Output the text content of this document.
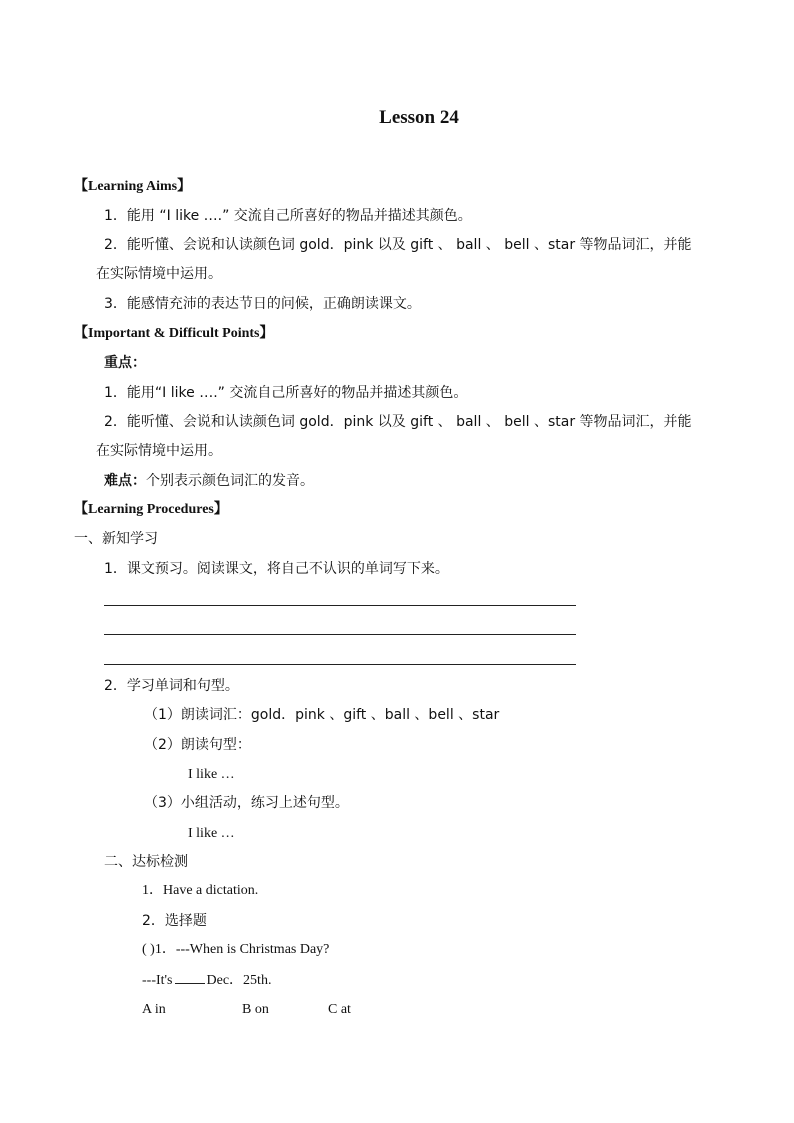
Lesson 24
【Learning Aims】
1．能用 “I like ….” 交流自己所喜好的物品并描述其颜色。
2．能听懂、会说和认读颜色词 gold．pink 以及 gift 、 ball 、 bell 、star 等物品词汇，并能
在实际情境中运用。
3．能感情充沛的表达节日的问候，正确朗读课文。
【Important & Difficult Points】
重点：
1．能用“I like ….” 交流自己所喜好的物品并描述其颜色。
2．能听懂、会说和认读颜色词 gold．pink 以及 gift 、 ball 、 bell 、star 等物品词汇，并能
在实际情境中运用。
难点：个别表示颜色词汇的发音。
【Learning Procedures】
一、新知学习
1．课文预习。阅读课文，将自己不认识的单词写下来。
2．学习单词和句型。
（1）朗读词汇：gold．pink 、gift 、ball 、bell 、star
（2）朗读句型：
I like …
（3）小组活动，练习上述句型。
I like …
二、达标检测
1．Have a dictation.
2．选择题
( )1．---When is Christmas Day?
---It's Dec．25th.
A in	B on	C at
